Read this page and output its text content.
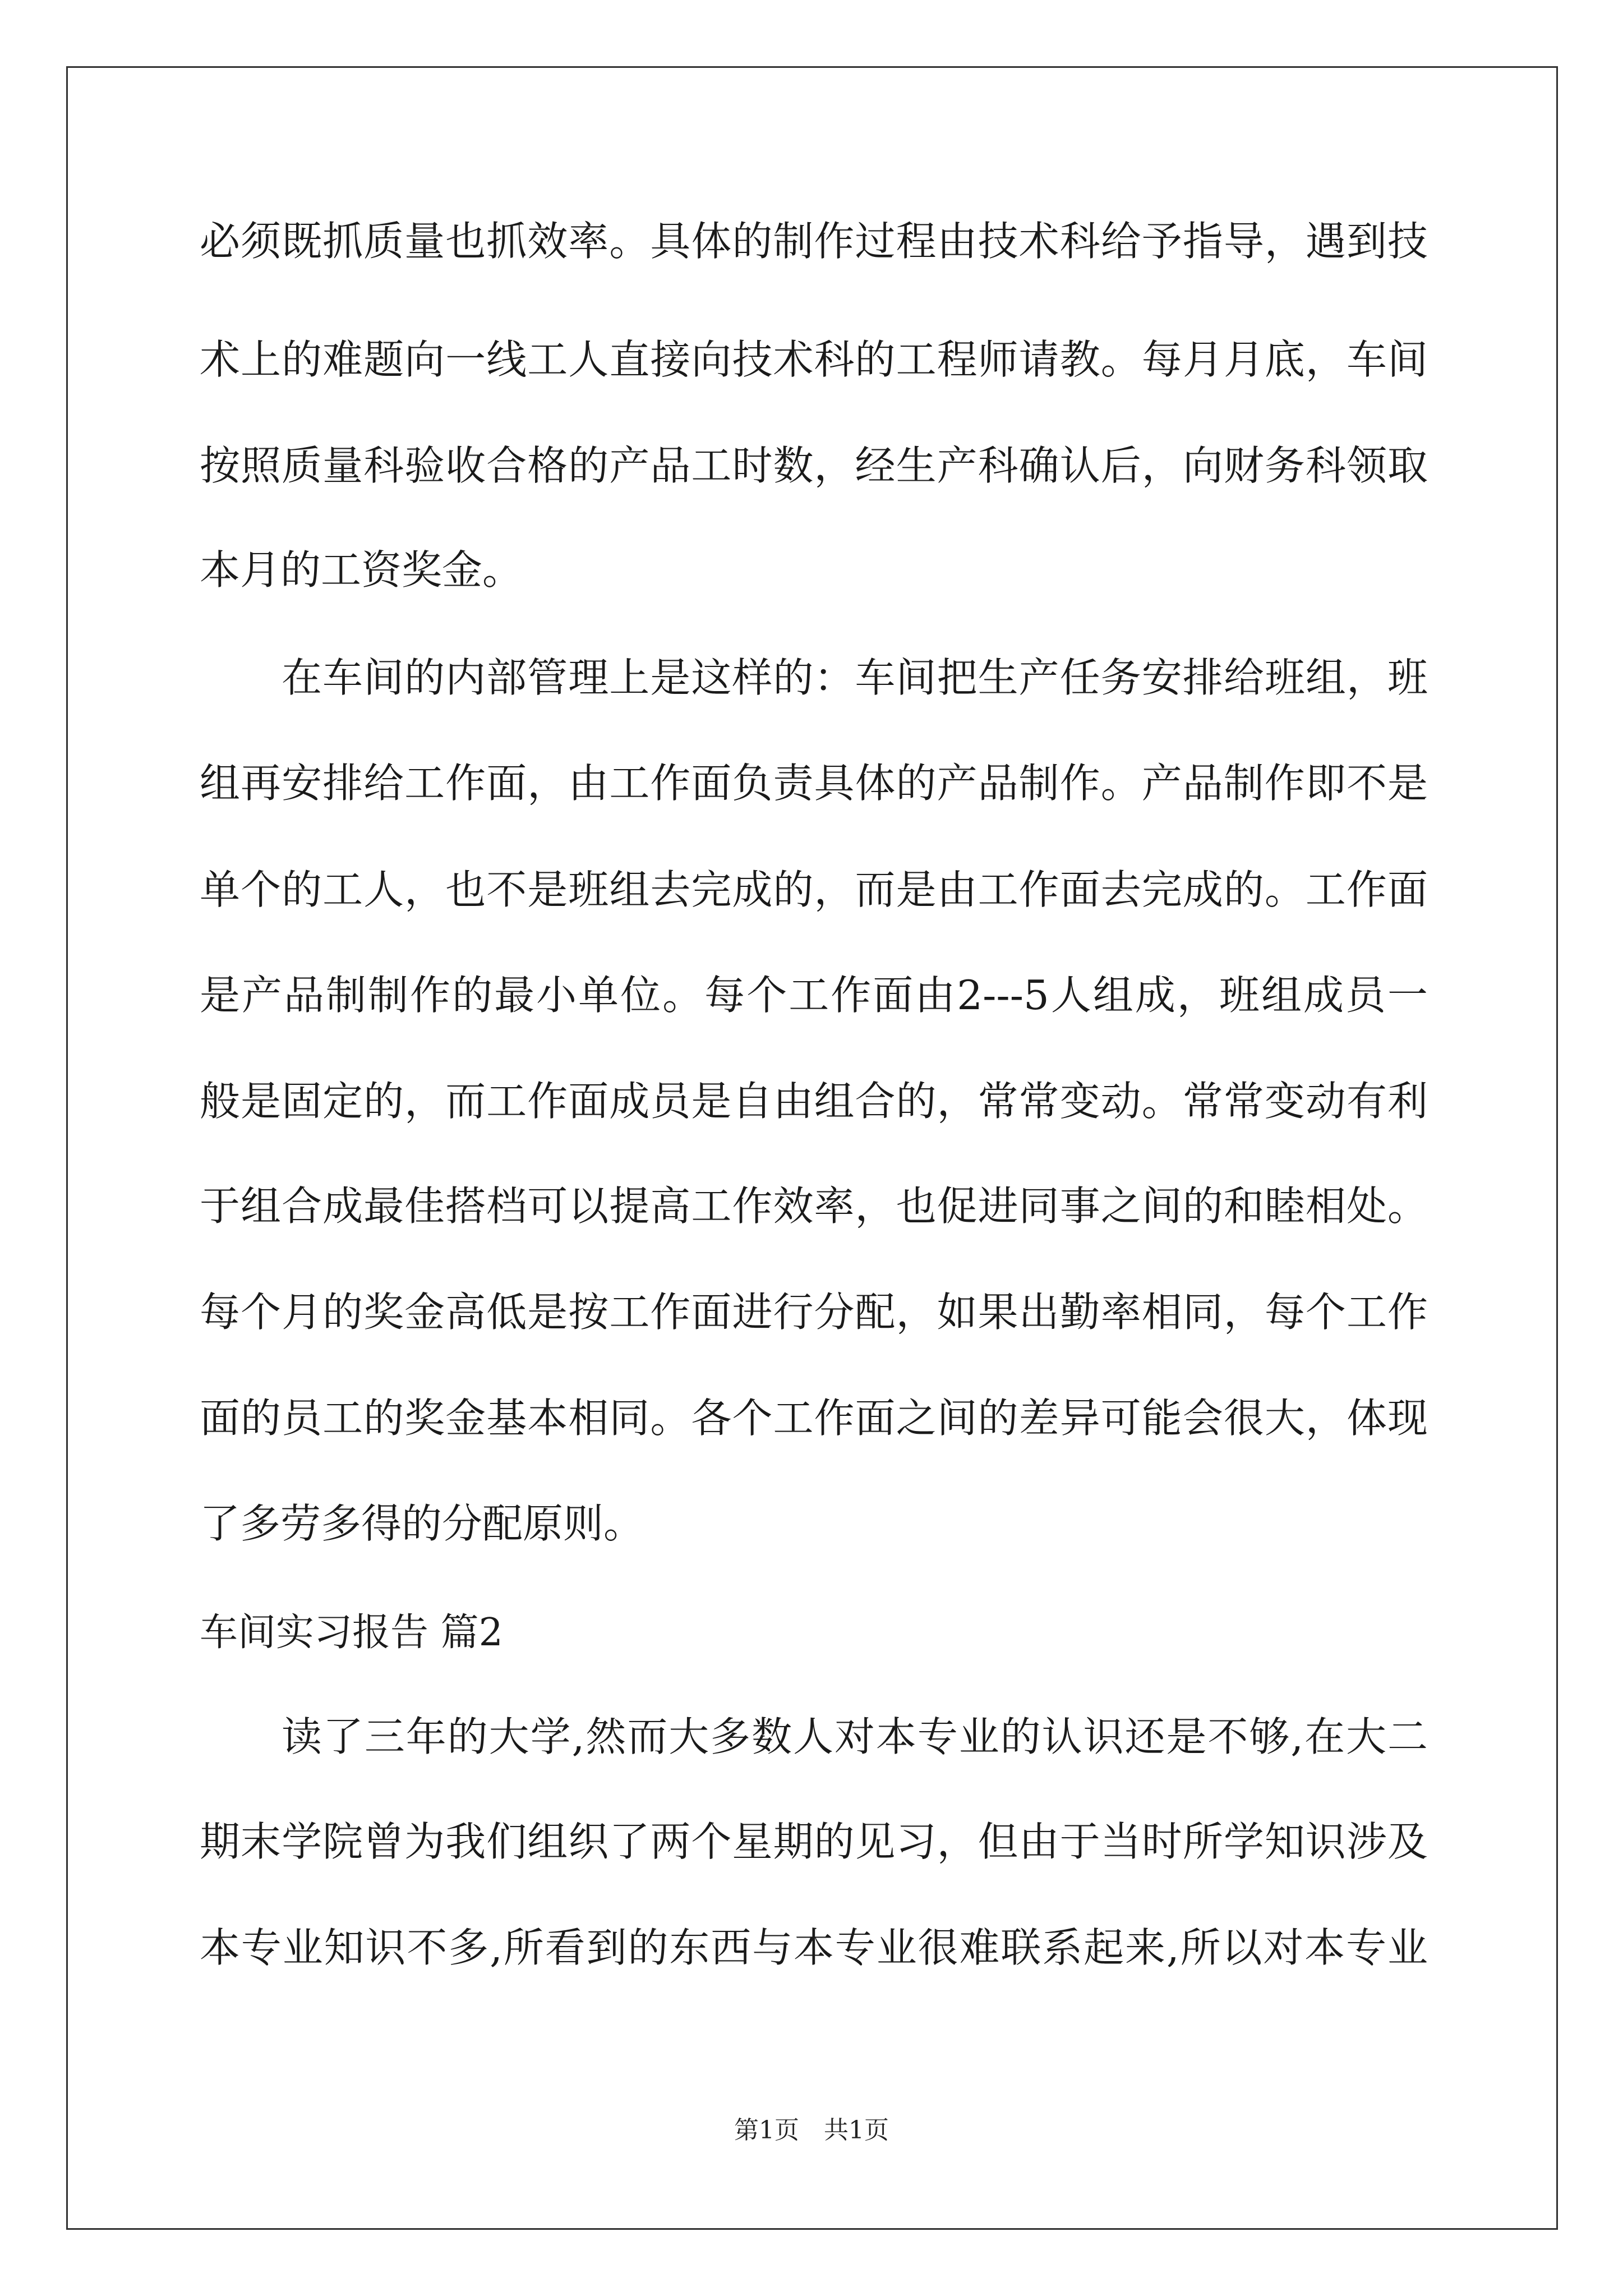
必须既抓质量也抓效率。具体的制作过程由技术科给予指导，遇到技
术上的难题向一线工人直接向技术科的工程师请教。每月月底，车间
按照质量科验收合格的产品工时数，经生产科确认后，向财务科领取
本月的工资奖金。
在车间的内部管理上是这样的：车间把生产任务安排给班组，班
组再安排给工作面，由工作面负责具体的产品制作。产品制作即不是
单个的工人，也不是班组去完成的，而是由工作面去完成的。工作面
是产品制制作的最小单位。每个工作面由2---5人组成，班组成员一
般是固定的，而工作面成员是自由组合的，常常变动。常常变动有利
于组合成最佳搭档可以提高工作效率，也促进同事之间的和睦相处。
每个月的奖金高低是按工作面进行分配，如果出勤率相同，每个工作
面的员工的奖金基本相同。各个工作面之间的差异可能会很大，体现
了多劳多得的分配原则。
车间实习报告 篇2
读了三年的大学,然而大多数人对本专业的认识还是不够,在大二
期末学院曾为我们组织了两个星期的见习，但由于当时所学知识涉及
本专业知识不多,所看到的东西与本专业很难联系起来,所以对本专业
第1页　共1页
